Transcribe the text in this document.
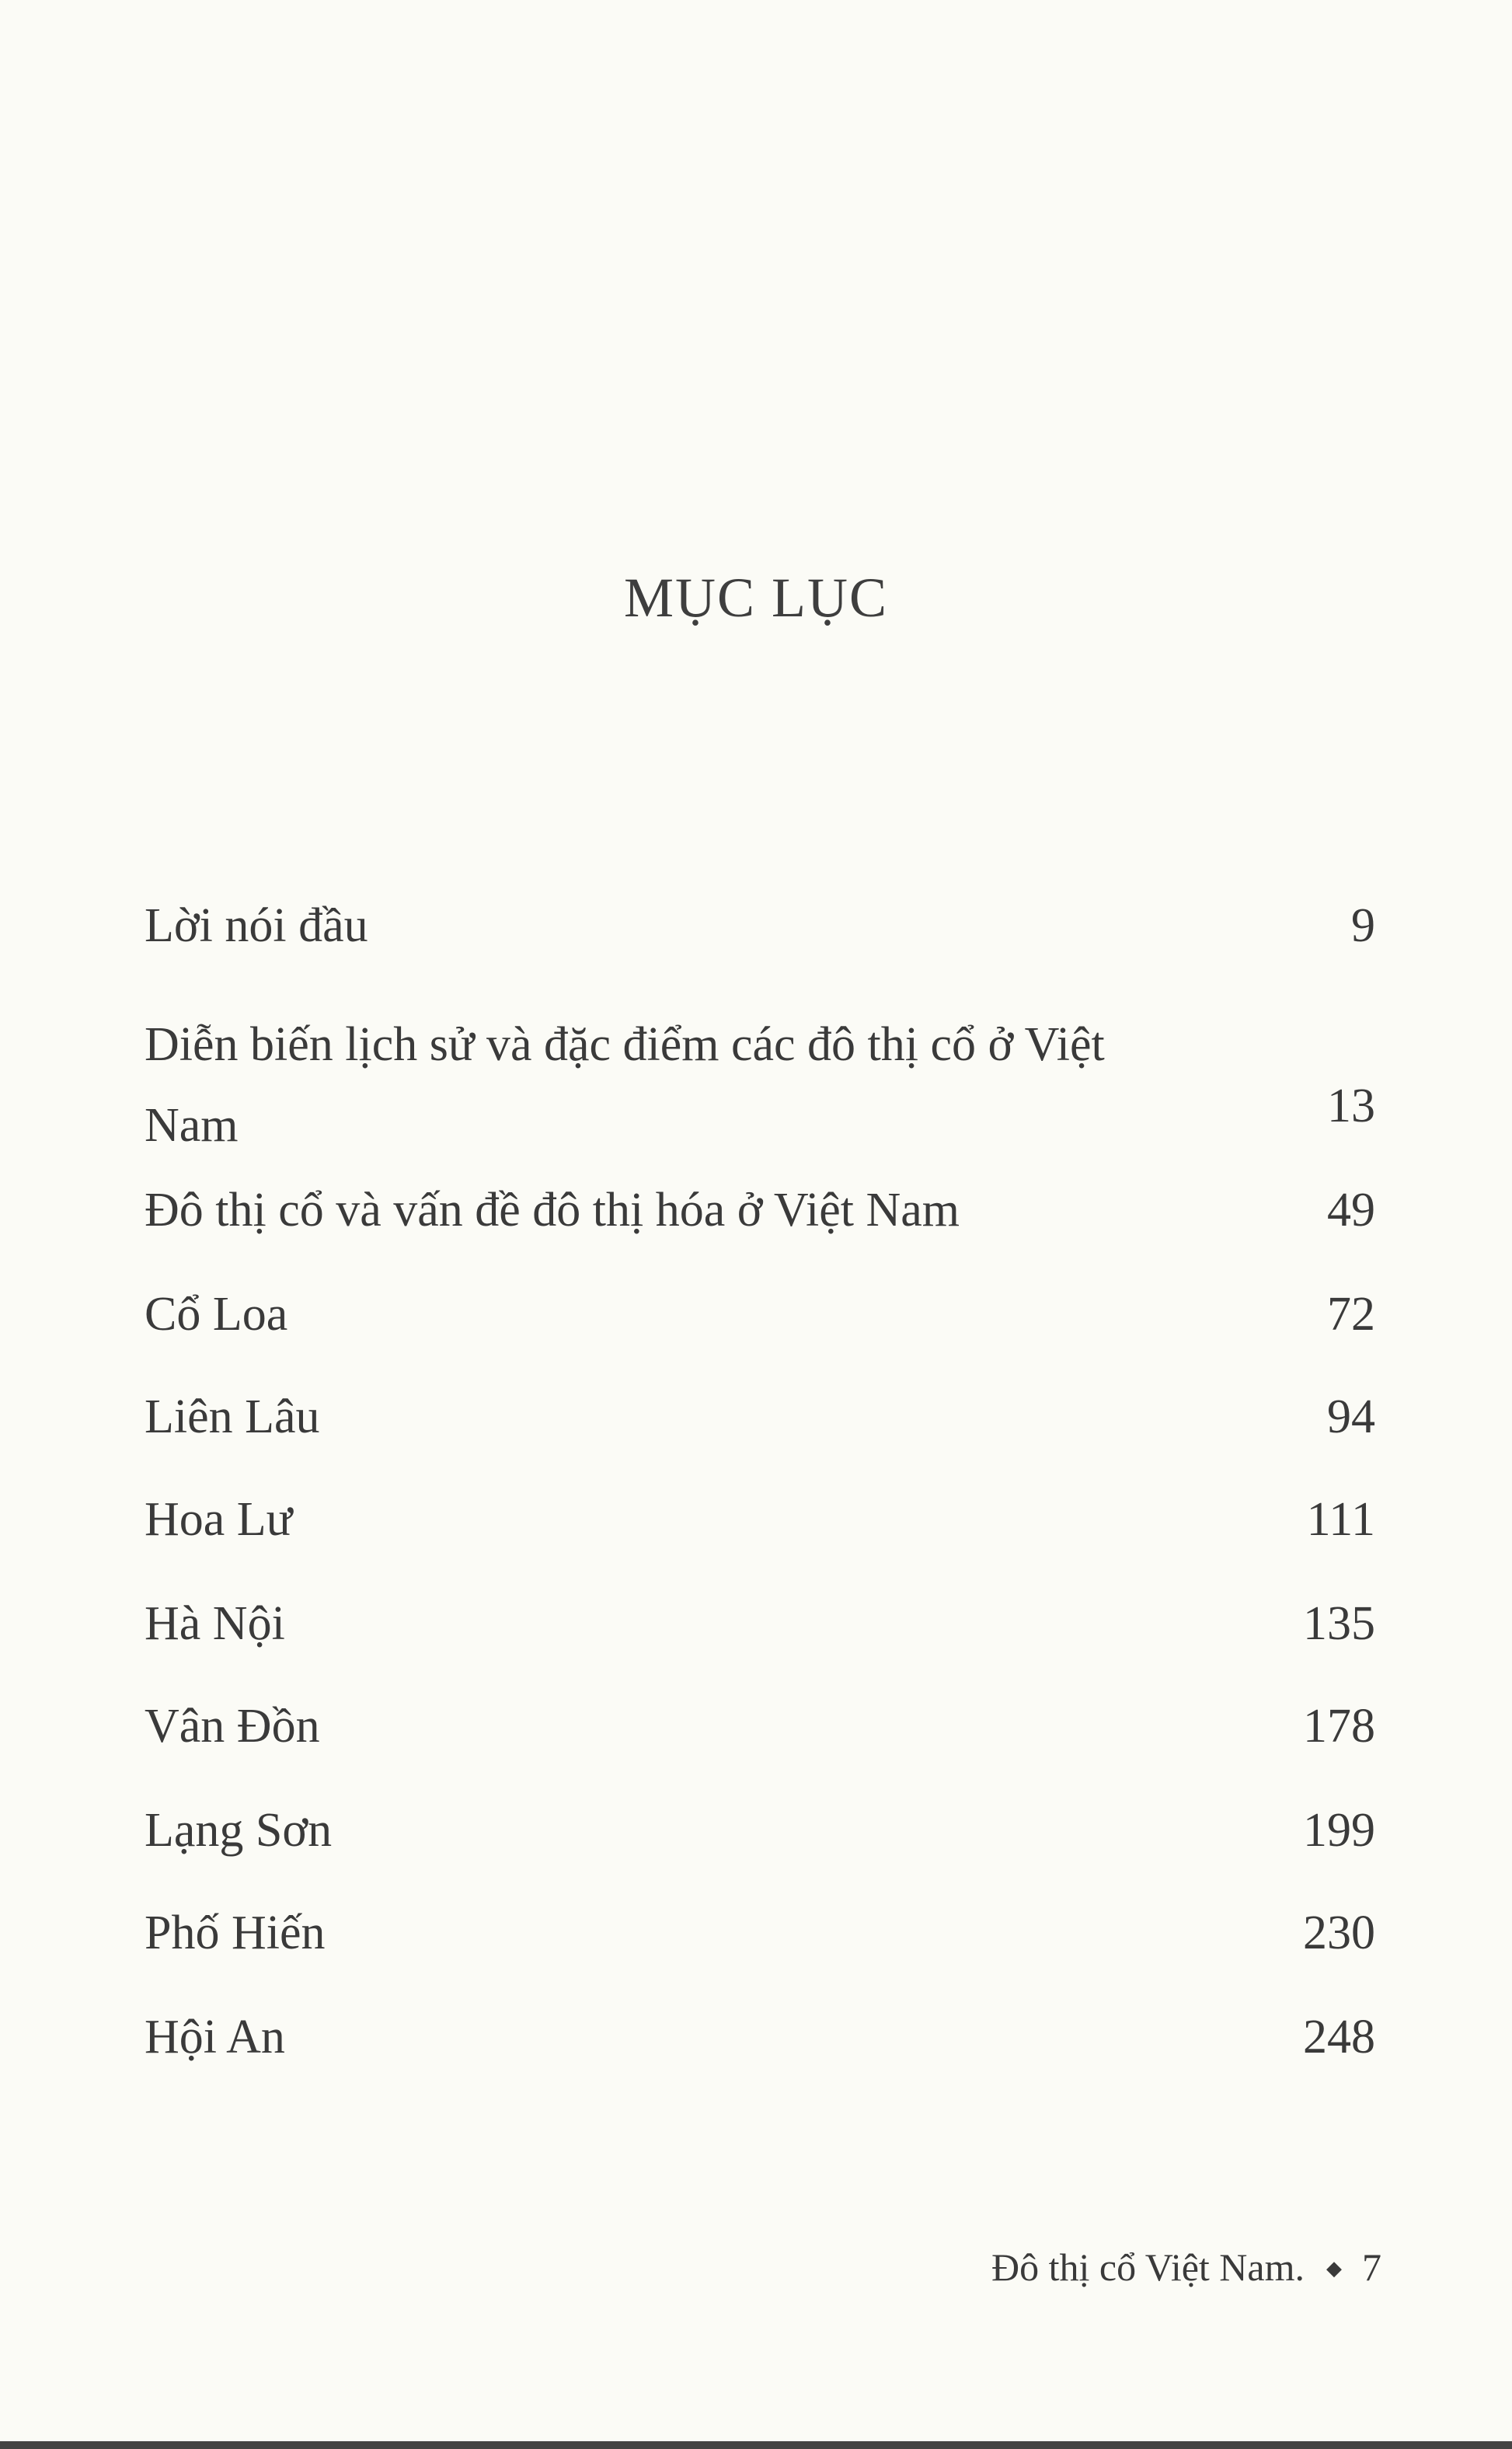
MỤC LỤC
Lời nói đầu	9
Diễn biến lịch sử và đặc điểm các đô thị cổ ở Việt Nam	13
Đô thị cổ và vấn đề đô thị hóa ở Việt Nam	49
Cổ Loa	72
Liên Lâu	94
Hoa Lư	111
Hà Nội	135
Vân Đồn	178
Lạng Sơn	199
Phố Hiến	230
Hội An	248
Đô thị cổ Việt Nam. ◆ 7
